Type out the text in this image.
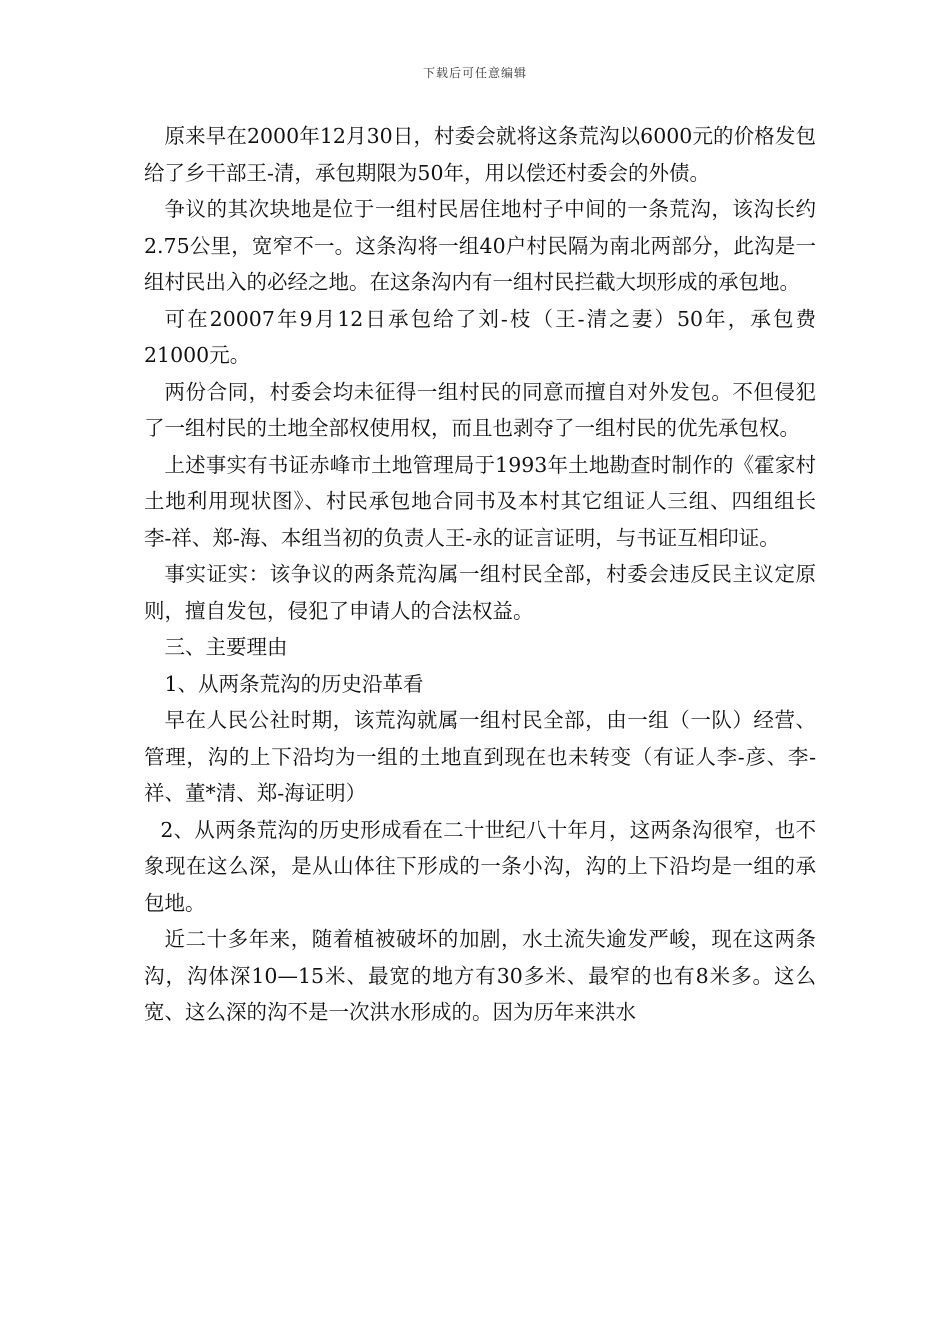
下载后可任意编辑

原来早在2000年12月30日，村委会就将这条荒沟以6000元的价格发包给了乡干部王-清，承包期限为50年，用以偿还村委会的外债。

争议的其次块地是位于一组村民居住地村子中间的一条荒沟，该沟长约2.75公里，宽窄不一。这条沟将一组40户村民隔为南北两部分，此沟是一组村民出入的必经之地。在这条沟内有一组村民拦截大坝形成的承包地。

可在20007年9月12日承包给了刘-枝（王-清之妻）50年，承包费21000元。

两份合同，村委会均未征得一组村民的同意而擅自对外发包。不但侵犯了一组村民的土地全部权使用权，而且也剥夺了一组村民的优先承包权。

上述事实有书证赤峰市土地管理局于1993年土地勘查时制作的《霍家村土地利用现状图》、村民承包地合同书及本村其它组证人三组、四组组长李-祥、郑-海、本组当初的负责人王-永的证言证明，与书证互相印证。

事实证实：该争议的两条荒沟属一组村民全部，村委会违反民主议定原则，擅自发包，侵犯了申请人的合法权益。

三、主要理由

1、从两条荒沟的历史沿革看

早在人民公社时期，该荒沟就属一组村民全部，由一组（一队）经营、管理，沟的上下沿均为一组的土地直到现在也未转变（有证人李-彦、李-祥、董*清、郑-海证明）

2、从两条荒沟的历史形成看在二十世纪八十年月，这两条沟很窄，也不象现在这么深，是从山体往下形成的一条小沟，沟的上下沿均是一组的承包地。

近二十多年来，随着植被破坏的加剧，水土流失逾发严峻，现在这两条沟，沟体深10—15米、最宽的地方有30多米、最窄的也有8米多。这么宽、这么深的沟不是一次洪水形成的。因为历年来洪水
